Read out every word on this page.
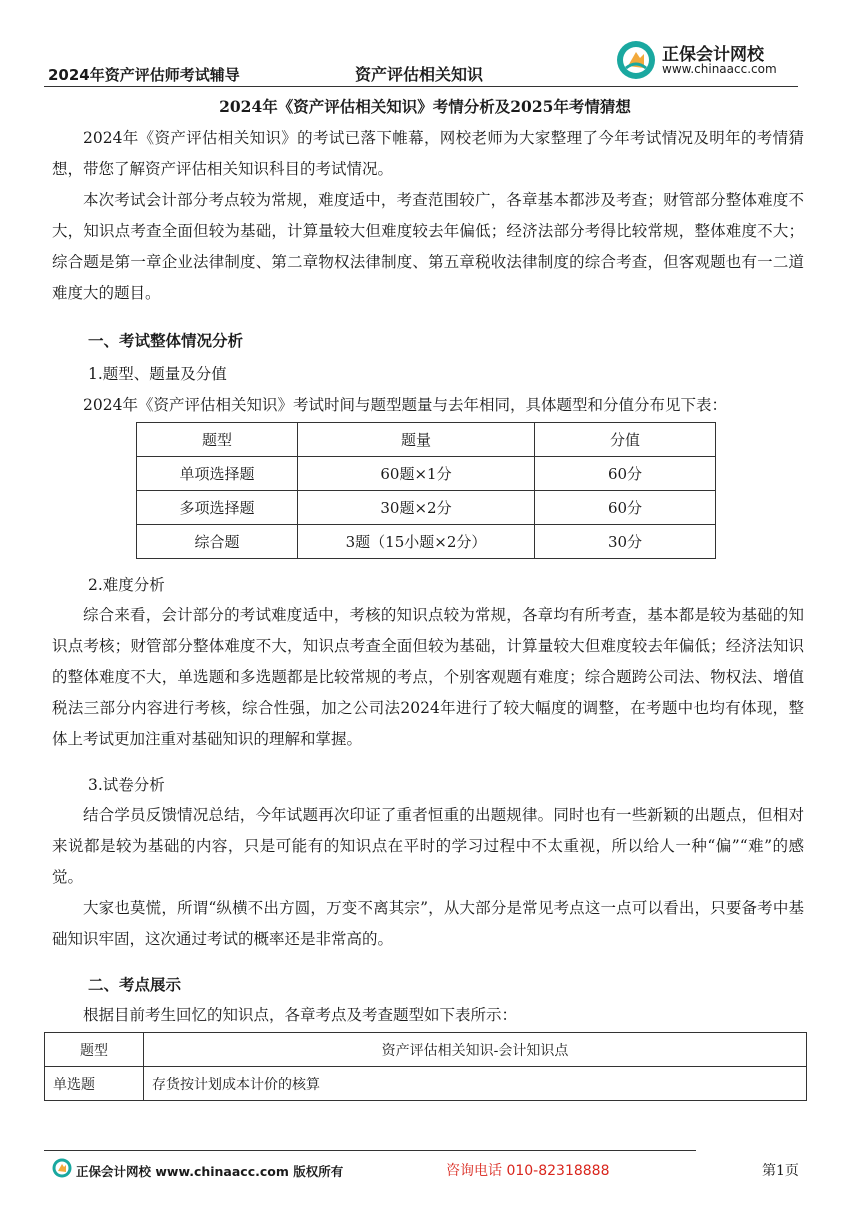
2024年资产评估师考试辅导	资产评估相关知识
正保会计网校
www.chinaacc.com
2024年《资产评估相关知识》考情分析及2025年考情猜想

2024年《资产评估相关知识》的考试已落下帷幕，网校老师为大家整理了今年考试情况及明年的考情猜想，带您了解资产评估相关知识科目的考试情况。

本次考试会计部分考点较为常规，难度适中，考查范围较广，各章基本都涉及考查；财管部分整体难度不大，知识点考查全面但较为基础，计算量较大但难度较去年偏低；经济法部分考得比较常规，整体难度不大；综合题是第一章企业法律制度、第二章物权法律制度、第五章税收法律制度的综合考查，但客观题也有一二道难度大的题目。

一、考试整体情况分析
1.题型、题量及分值

2024年《资产评估相关知识》考试时间与题型题量与去年相同，具体题型和分值分布见下表：

题型	题量	分值
单项选择题	60题×1分	60分
多项选择题	30题×2分	60分
综合题	3题（15小题×2分）	30分
2.难度分析

综合来看，会计部分的考试难度适中，考核的知识点较为常规，各章均有所考查，基本都是较为基础的知识点考核；财管部分整体难度不大，知识点考查全面但较为基础，计算量较大但难度较去年偏低；经济法知识的整体难度不大，单选题和多选题都是比较常规的考点，个别客观题有难度；综合题跨公司法、物权法、增值税法三部分内容进行考核，综合性强，加之公司法2024年进行了较大幅度的调整，在考题中也均有体现，整体上考试更加注重对基础知识的理解和掌握。

3.试卷分析

结合学员反馈情况总结，今年试题再次印证了重者恒重的出题规律。同时也有一些新颖的出题点，但相对来说都是较为基础的内容，只是可能有的知识点在平时的学习过程中不太重视，所以给人一种“偏”“难”的感觉。

大家也莫慌，所谓“纵横不出方圆，万变不离其宗”，从大部分是常见考点这一点可以看出，只要备考中基础知识牢固，这次通过考试的概率还是非常高的。

二、考点展示

根据目前考生回忆的知识点，各章考点及考查题型如下表所示：

题型	资产评估相关知识-会计知识点
单选题	存货按计划成本计价的核算
正保会计网校 www.chinaacc.com 版权所有	咨询电话 010-82318888	第1页
